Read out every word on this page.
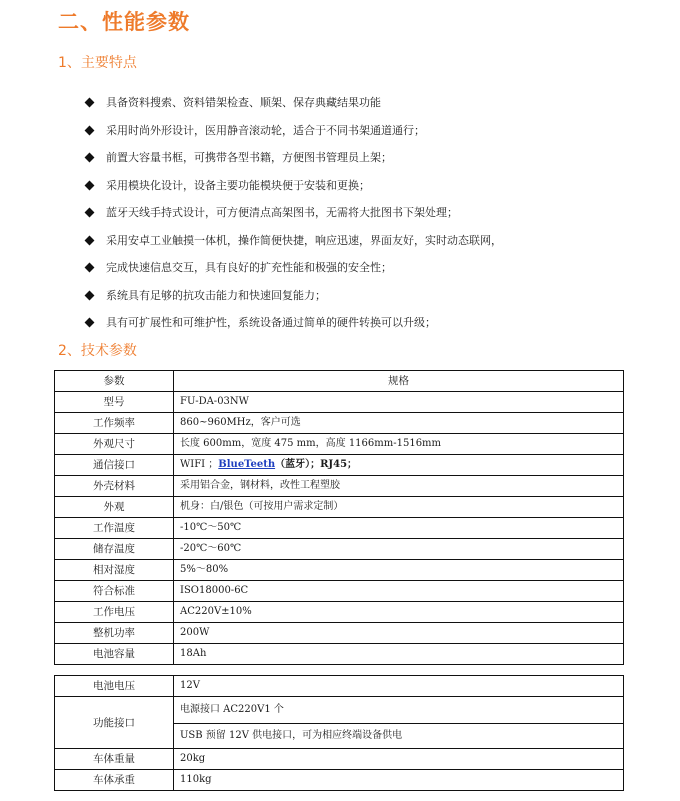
二、性能参数
1、主要特点
具备资料搜索、资料错架检查、顺架、保存典藏结果功能
采用时尚外形设计，医用静音滚动轮，适合于不同书架通道通行；
前置大容量书框，可携带各型书籍，方便图书管理员上架；
采用模块化设计，设备主要功能模块便于安装和更换；
蓝牙天线手持式设计，可方便清点高架图书，无需将大批图书下架处理；
采用安卓工业触摸一体机，操作简便快捷，响应迅速，界面友好，实时动态联网，
完成快速信息交互，具有良好的扩充性能和极强的安全性；
系统具有足够的抗攻击能力和快速回复能力；
具有可扩展性和可维护性，系统设备通过简单的硬件转换可以升级；
2、技术参数
参数	规格
型号	FU-DA-03NW
工作频率	860~960MHz，客户可选
外观尺寸	长度 600mm，宽度 475 mm，高度 1166mm-1516mm
通信接口	WIFI ；BlueTeeth（蓝牙）；RJ45；
外壳材料	采用铝合金，钢材料，改性工程塑胶
外观	机身：白/银色（可按用户需求定制）
工作温度	-10℃～50℃
储存温度	-20℃～60℃
相对湿度	5%～80%
符合标准	ISO18000-6C
工作电压	AC220V±10%
整机功率	200W
电池容量	18Ah
电池电压	12V
功能接口	电源接口 AC220V1 个
	USB 预留 12V 供电接口，可为相应终端设备供电
车体重量	20kg
车体承重	110kg
